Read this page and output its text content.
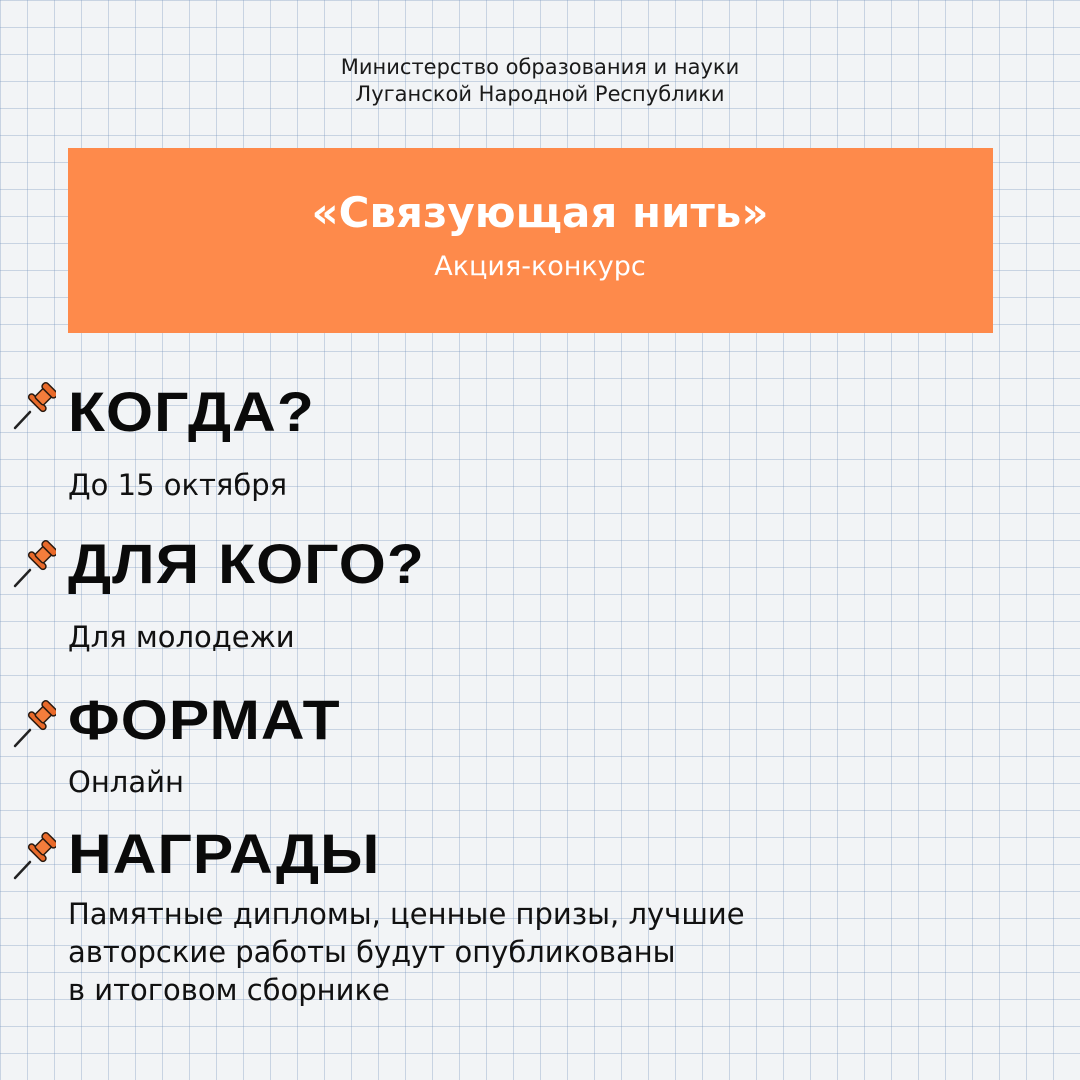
Министерство образования и науки
Луганской Народной Республики
«Связующая нить»
Акция-конкурс
КОГДА?
До 15 октября
ДЛЯ КОГО?
Для молодежи
ФОРМАТ
Онлайн
НАГРАДЫ
Памятные дипломы, ценные призы, лучшие
авторские работы будут опубликованы
в итоговом сборнике
